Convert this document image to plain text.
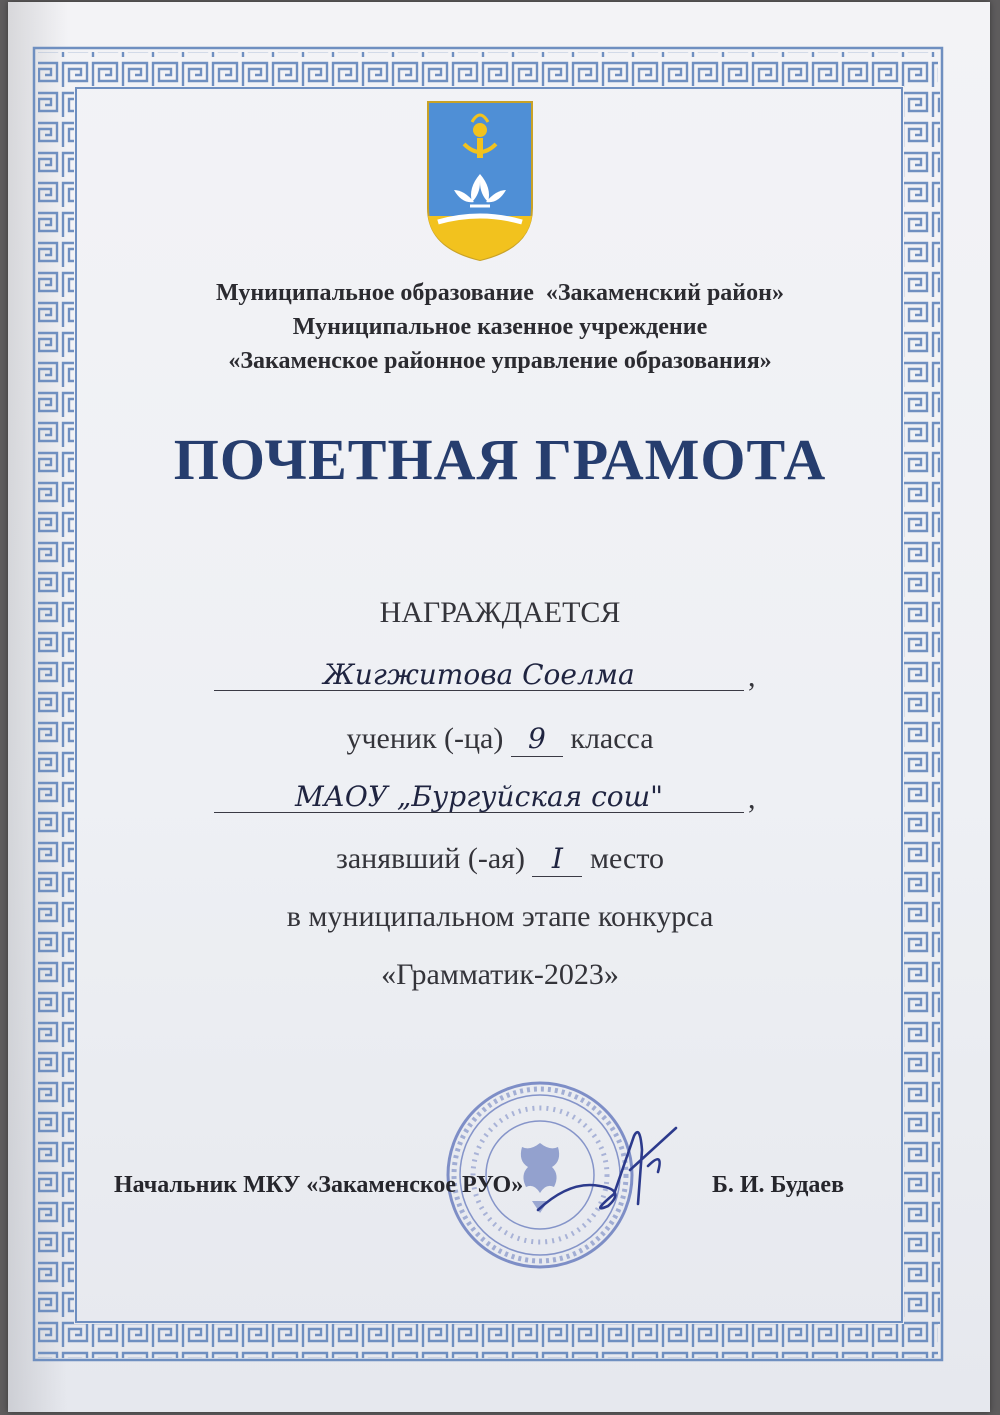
Муниципальное образование  «Закаменский район»
Муниципальное казенное учреждение
«Закаменское районное управление образования»
ПОЧЕТНАЯ ГРАМОТА
НАГРАЖДАЕТСЯ
Жигжитова Соелма	,
ученик (-ца) 9 класса
МАОУ „Бургуйская сош"	,
занявший (-ая) I место
в муниципальном этапе конкурса
«Грамматик-2023»
Начальник МКУ «Закаменское РУО»	Б. И. Будаев
